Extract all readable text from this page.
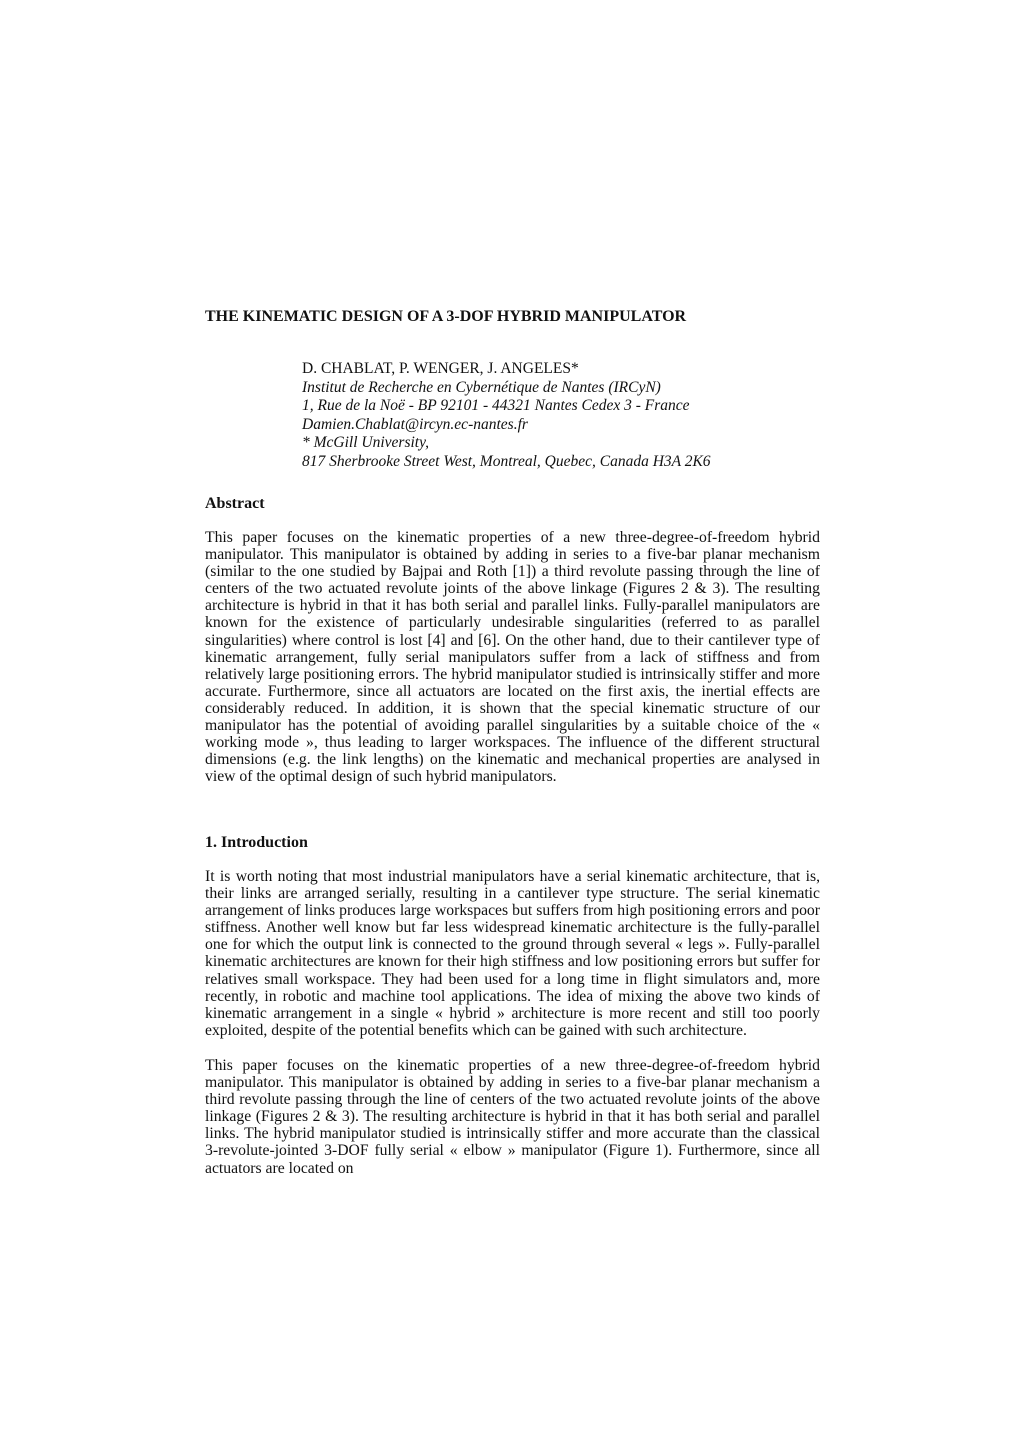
THE KINEMATIC DESIGN OF A 3-DOF HYBRID MANIPULATOR
D. CHABLAT, P. WENGER, J. ANGELES*
Institut de Recherche en Cybernétique de Nantes (IRCyN)
1, Rue de la Noë - BP 92101 - 44321 Nantes Cedex 3 - France
Damien.Chablat@ircyn.ec-nantes.fr
* McGill University,
817 Sherbrooke Street West, Montreal, Quebec, Canada H3A 2K6
Abstract

This paper focuses on the kinematic properties of a new three-degree-of-freedom hybrid manipulator. This manipulator is obtained by adding in series to a five-bar planar mechanism (similar to the one studied by Bajpai and Roth [1]) a third revolute passing through the line of centers of the two actuated revolute joints of the above linkage (Figures 2 & 3). The resulting architecture is hybrid in that it has both serial and parallel links. Fully-parallel manipulators are known for the existence of particularly undesirable singularities (referred to as parallel singularities) where control is lost [4] and [6]. On the other hand, due to their cantilever type of kinematic arrangement, fully serial manipulators suffer from a lack of stiffness and from relatively large positioning errors. The hybrid manipulator studied is intrinsically stiffer and more accurate. Furthermore, since all actuators are located on the first axis, the inertial effects are considerably reduced. In addition, it is shown that the special kinematic structure of our manipulator has the potential of avoiding parallel singularities by a suitable choice of the « working mode », thus leading to larger workspaces. The influence of the different structural dimensions (e.g. the link lengths) on the kinematic and mechanical properties are analysed in view of the optimal design of such hybrid manipulators.

1. Introduction

It is worth noting that most industrial manipulators have a serial kinematic architecture, that is, their links are arranged serially, resulting in a cantilever type structure. The serial kinematic arrangement of links produces large workspaces but suffers from high positioning errors and poor stiffness. Another well know but far less widespread kinematic architecture is the fully-parallel one for which the output link is connected to the ground through several « legs ». Fully-parallel kinematic architectures are known for their high stiffness and low positioning errors but suffer for relatives small workspace. They had been used for a long time in flight simulators and, more recently, in robotic and machine tool applications. The idea of mixing the above two kinds of kinematic arrangement in a single « hybrid » architecture is more recent and still too poorly exploited, despite of the potential benefits which can be gained with such architecture.

This paper focuses on the kinematic properties of a new three-degree-of-freedom hybrid manipulator. This manipulator is obtained by adding in series to a five-bar planar mechanism a third revolute passing through the line of centers of the two actuated revolute joints of the above linkage (Figures 2 & 3). The resulting architecture is hybrid in that it has both serial and parallel links. The hybrid manipulator studied is intrinsically stiffer and more accurate than the classical 3-revolute-jointed 3-DOF fully serial « elbow » manipulator (Figure 1). Furthermore, since all actuators are located on
